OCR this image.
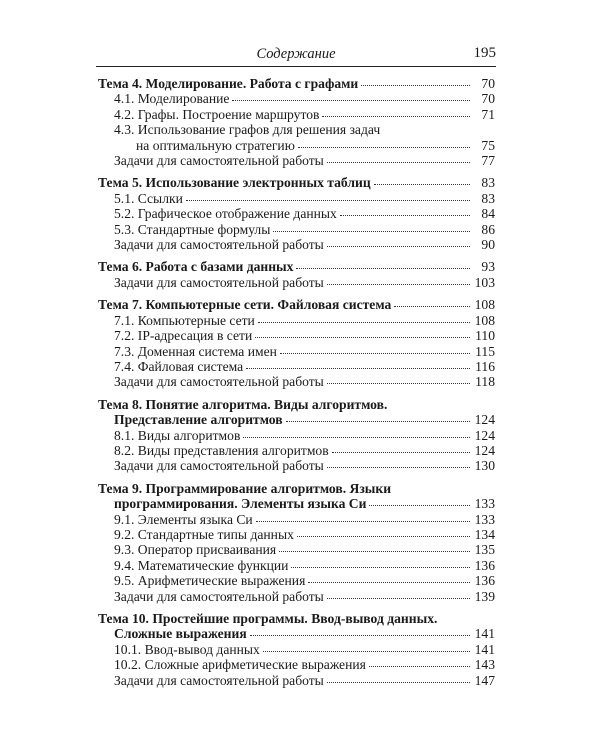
Содержание	195
Тема 4. Моделирование. Работа с графами	70
4.1. Моделирование	70
4.2. Графы. Построение маршрутов	71
4.3. Использование графов для решения задач
на оптимальную стратегию	75
Задачи для самостоятельной работы	77
Тема 5. Использование электронных таблиц	83
5.1. Ссылки	83
5.2. Графическое отображение данных	84
5.3. Стандартные формулы	86
Задачи для самостоятельной работы	90
Тема 6. Работа с базами данных	93
Задачи для самостоятельной работы	103
Тема 7. Компьютерные сети. Файловая система	108
7.1. Компьютерные сети	108
7.2. IP-адресация в сети	110
7.3. Доменная система имен	115
7.4. Файловая система	116
Задачи для самостоятельной работы	118
Тема 8. Понятие алгоритма. Виды алгоритмов.
Представление алгоритмов	124
8.1. Виды алгоритмов	124
8.2. Виды представления алгоритмов	124
Задачи для самостоятельной работы	130
Тема 9. Программирование алгоритмов. Языки
программирования. Элементы языка Си	133
9.1. Элементы языка Си	133
9.2. Стандартные типы данных	134
9.3. Оператор присваивания	135
9.4. Математические функции	136
9.5. Арифметические выражения	136
Задачи для самостоятельной работы	139
Тема 10. Простейшие программы. Ввод-вывод данных.
Сложные выражения	141
10.1. Ввод-вывод данных	141
10.2. Сложные арифметические выражения	143
Задачи для самостоятельной работы	147
